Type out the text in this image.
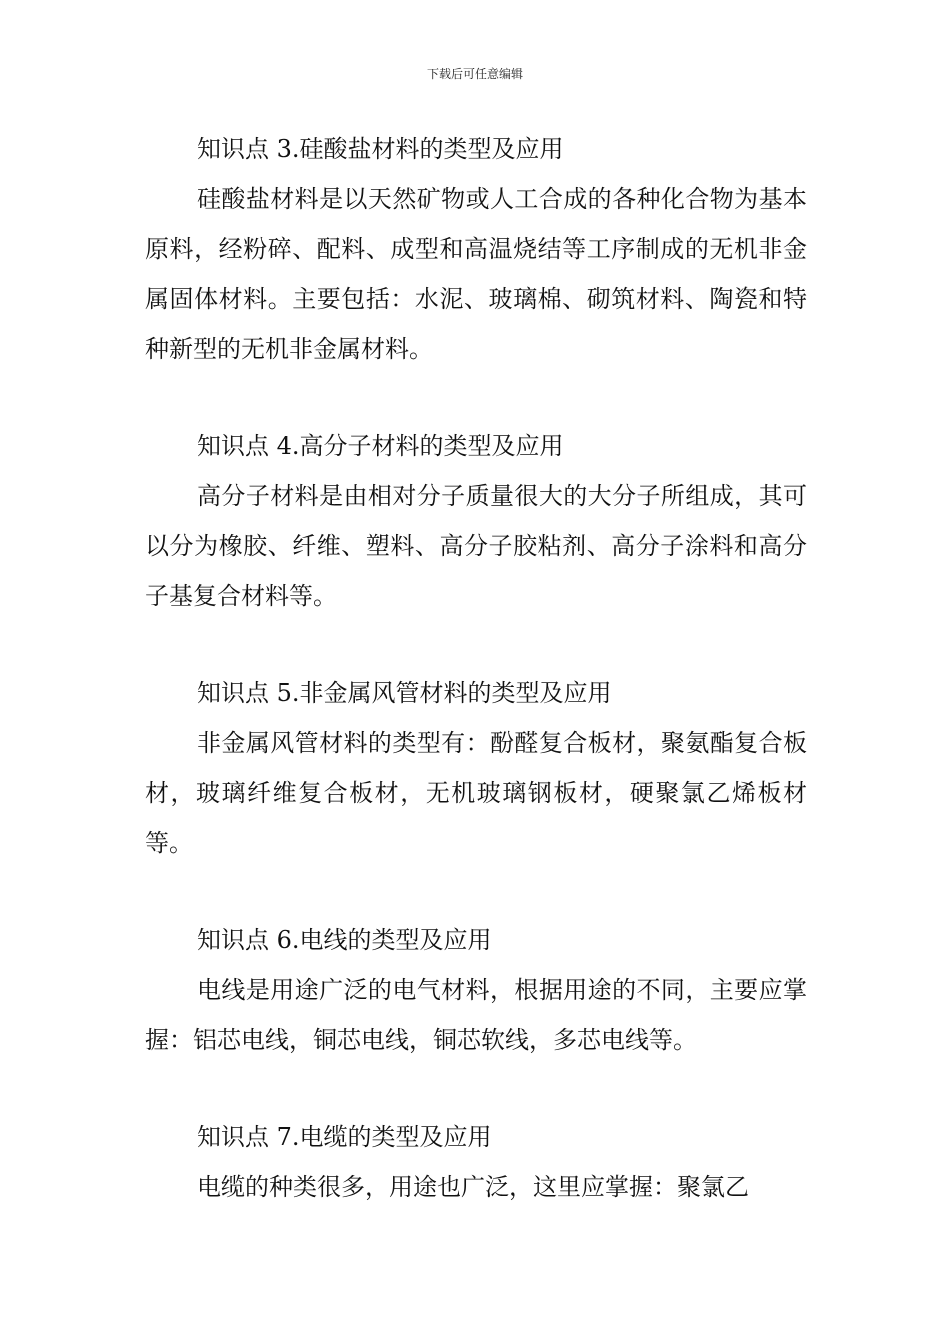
下载后可任意编辑

知识点 3.硅酸盐材料的类型及应用

硅酸盐材料是以天然矿物或人工合成的各种化合物为基本原料，经粉碎、配料、成型和高温烧结等工序制成的无机非金属固体材料。主要包括：水泥、玻璃棉、砌筑材料、陶瓷和特种新型的无机非金属材料。

知识点 4.高分子材料的类型及应用

高分子材料是由相对分子质量很大的大分子所组成，其可以分为橡胶、纤维、塑料、高分子胶粘剂、高分子涂料和高分子基复合材料等。

知识点 5.非金属风管材料的类型及应用

非金属风管材料的类型有：酚醛复合板材，聚氨酯复合板材，玻璃纤维复合板材，无机玻璃钢板材，硬聚氯乙烯板材等。

知识点 6.电线的类型及应用

电线是用途广泛的电气材料，根据用途的不同，主要应掌握：铝芯电线，铜芯电线，铜芯软线，多芯电线等。

知识点 7.电缆的类型及应用

电缆的种类很多，用途也广泛，这里应掌握：聚氯乙
